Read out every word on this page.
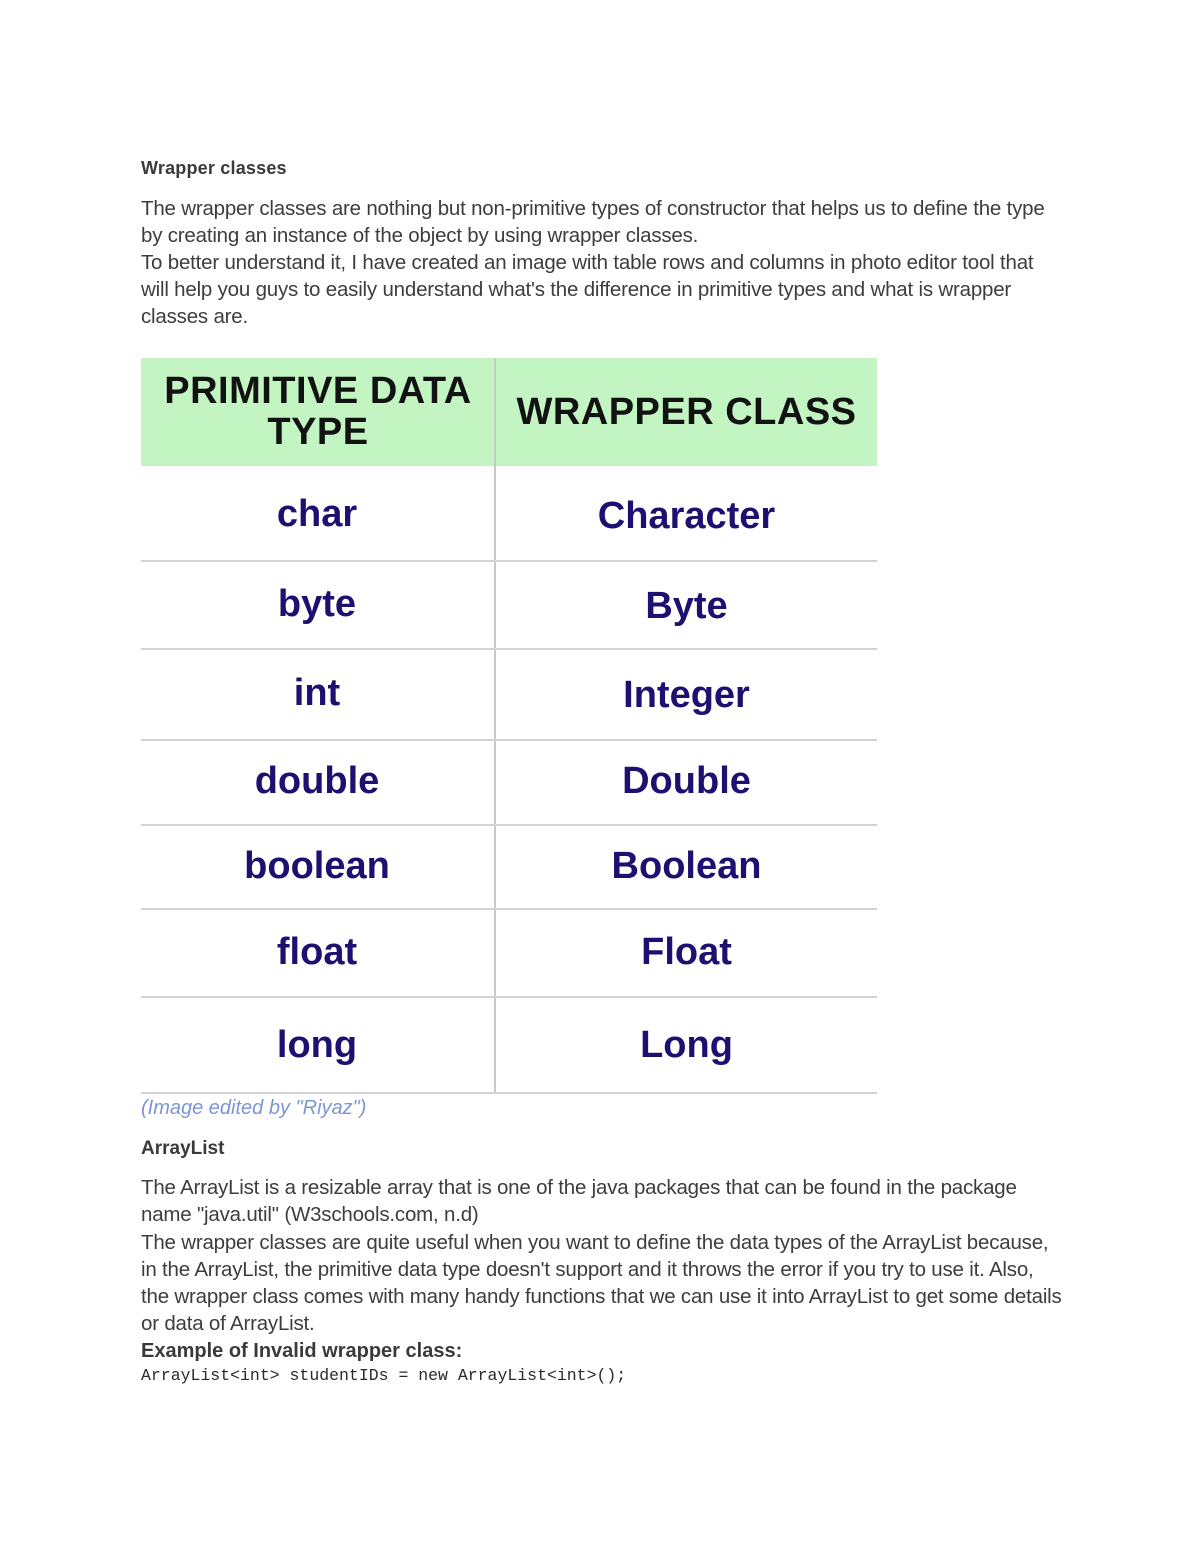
Wrapper classes

The wrapper classes are nothing but non-primitive types of constructor that helps us to define the type by creating an instance of the object by using wrapper classes.

To better understand it, I have created an image with table rows and columns in photo editor tool that will help you guys to easily understand what's the difference in primitive types and what is wrapper classes are.

PRIMITIVE DATA TYPE	WRAPPER CLASS
char	Character
byte	Byte
int	Integer
double	Double
boolean	Boolean
float	Float
long	Long
(Image edited by "Riyaz")
ArrayList

The ArrayList is a resizable array that is one of the java packages that can be found in the package name "java.util" (W3schools.com, n.d)

The wrapper classes are quite useful when you want to define the data types of the ArrayList because, in the ArrayList, the primitive data type doesn't support and it throws the error if you try to use it. Also, the wrapper class comes with many handy functions that we can use it into ArrayList to get some details or data of ArrayList.

Example of Invalid wrapper class:
ArrayList<int> studentIDs = new ArrayList<int>();
